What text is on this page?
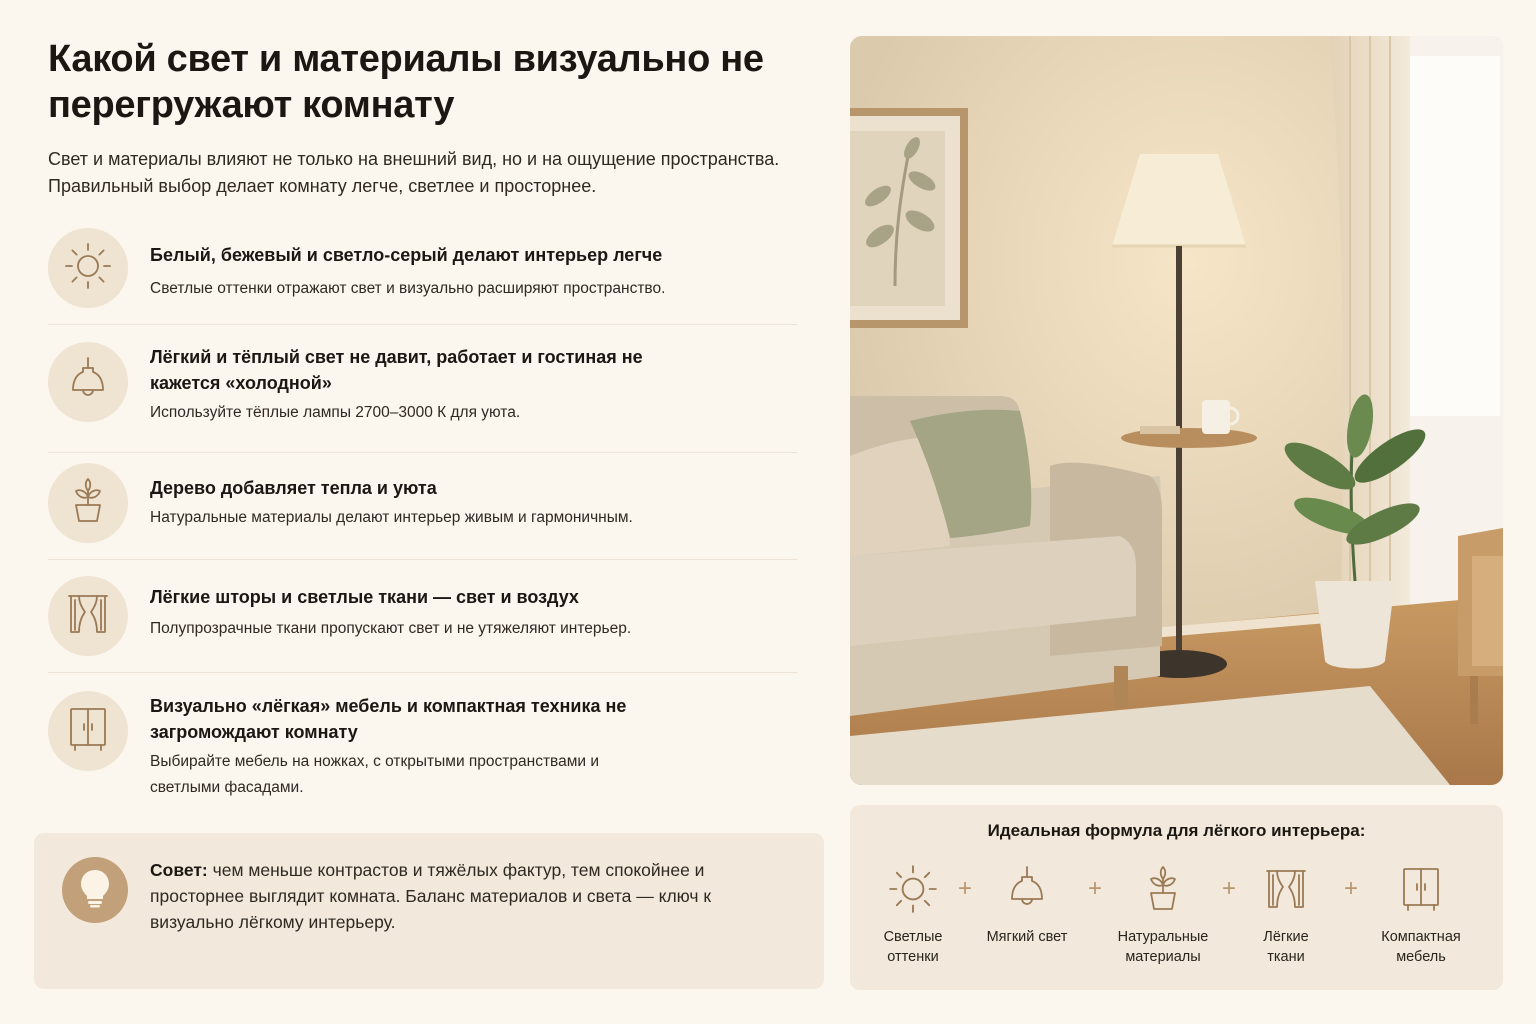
Какой свет и материалы визуально не перегружают комнату

Свет и материалы влияют не только на внешний вид, но и на ощущение пространства. Правильный выбор делает комнату легче, светлее и просторнее.

Белый, бежевый и светло-серый делают интерьер легче
Светлые оттенки отражают свет и визуально расширяют пространство.
Лёгкий и тёплый свет не давит, работает и гостиная не кажется «холодной»
Используйте тёплые лампы 2700–3000 К для уюта.
Дерево добавляет тепла и уюта
Натуральные материалы делают интерьер живым и гармоничным.
Лёгкие шторы и светлые ткани — свет и воздух
Полупрозрачные ткани пропускают свет и не утяжеляют интерьер.
Визуально «лёгкая» мебель и компактная техника не загромождают комнату
Выбирайте мебель на ножках, с открытыми пространствами и светлыми фасадами.
Совет: чем меньше контрастов и тяжёлых фактур, тем спокойнее и просторнее выглядит комната. Баланс материалов и света — ключ к визуально лёгкому интерьеру.
Идеальная формула для лёгкого интерьера:
Светлые оттенки
+
Мягкий свет
+
Натуральные материалы
+
Лёгкие ткани
+
Компактная мебель
